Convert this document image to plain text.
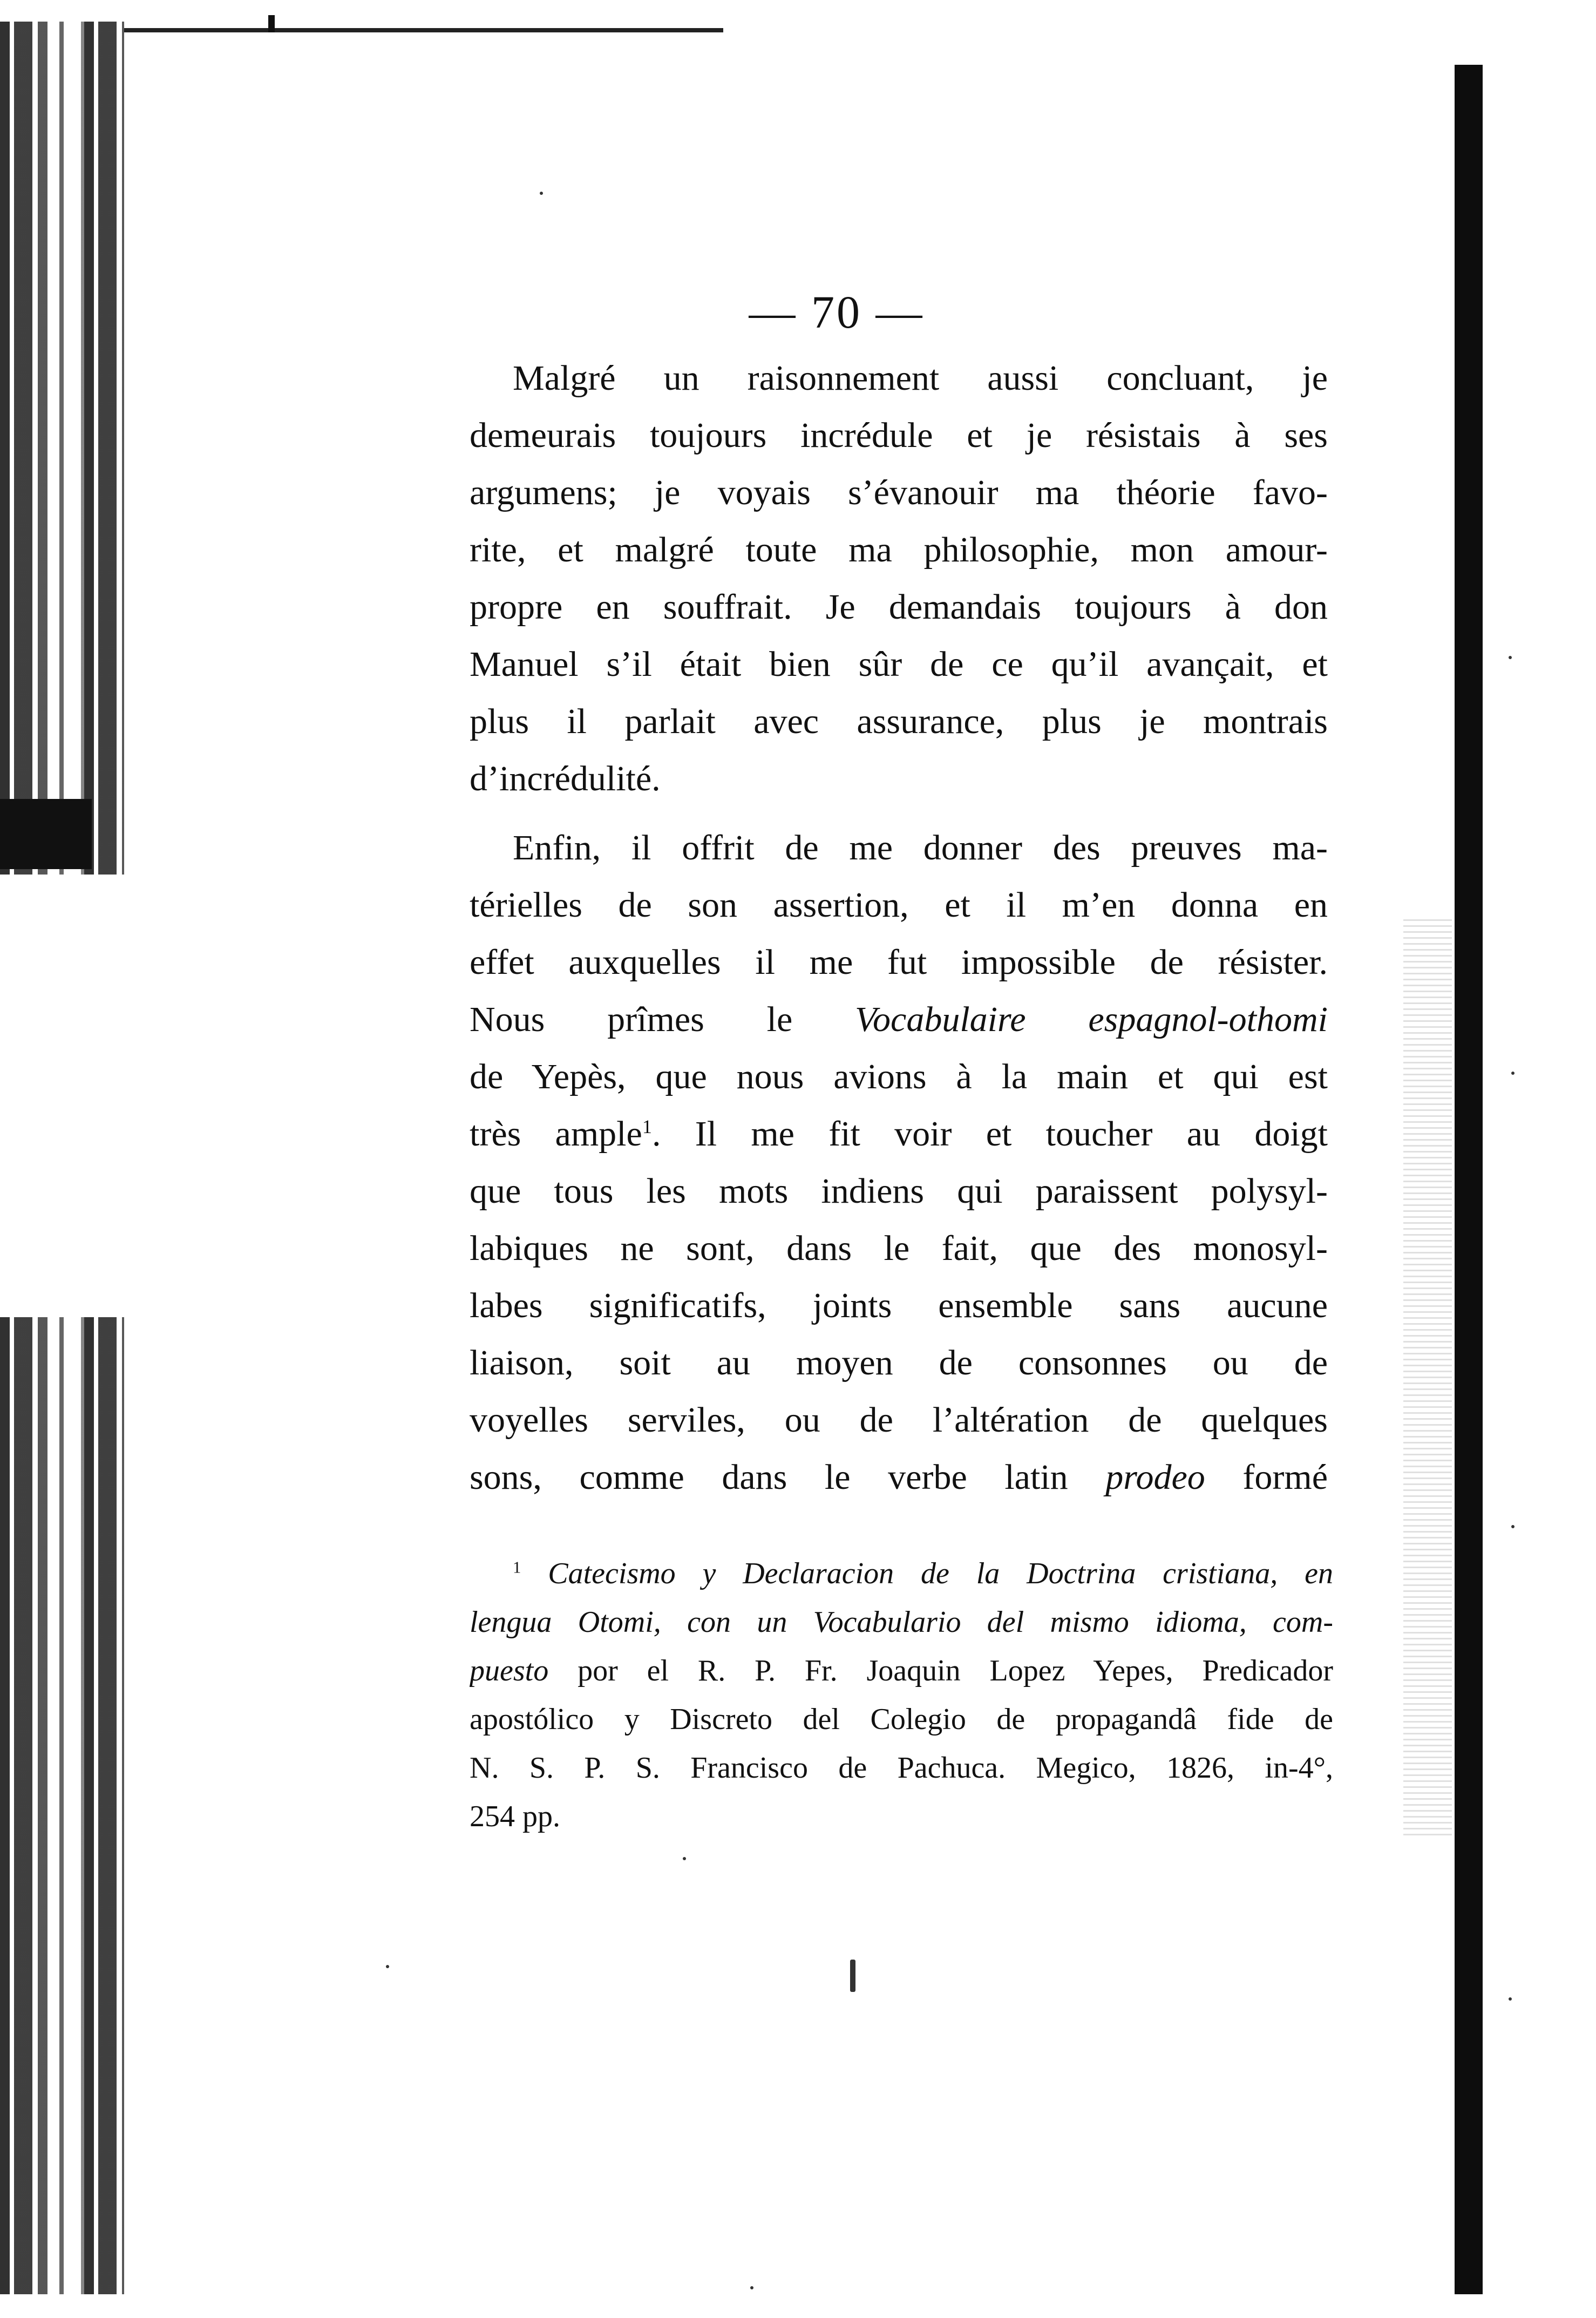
— 70 —
Malgré un raisonnement aussi concluant, je
demeurais toujours incrédule et je résistais à ses
argumens; je voyais s’évanouir ma théorie favo-
rite, et malgré toute ma philosophie, mon amour-
propre en souffrait. Je demandais toujours à don
Manuel s’il était bien sûr de ce qu’il avançait, et
plus il parlait avec assurance, plus je montrais
d’incrédulité.
Enfin, il offrit de me donner des preuves ma-
térielles de son assertion, et il m’en donna en
effet auxquelles il me fut impossible de résister.
Nous prîmes le Vocabulaire espagnol-othomi
de Yepès, que nous avions à la main et qui est
très ample$^1$. Il me fit voir et toucher au doigt
que tous les mots indiens qui paraissent polysyl-
labiques ne sont, dans le fait, que des monosyl-
labes significatifs, joints ensemble sans aucune
liaison, soit au moyen de consonnes ou de
voyelles serviles, ou de l’altération de quelques
sons, comme dans le verbe latin prodeo formé
$^1$ Catecismo y Declaracion de la Doctrina cristiana, en
lengua Otomi, con un Vocabulario del mismo idioma, com-
puesto por el R. P. Fr. Joaquin Lopez Yepes, Predicador
apostólico y Discreto del Colegio de propagandâ fide de
N. S. P. S. Francisco de Pachuca. Megico, 1826, in-4°,
254 pp.
